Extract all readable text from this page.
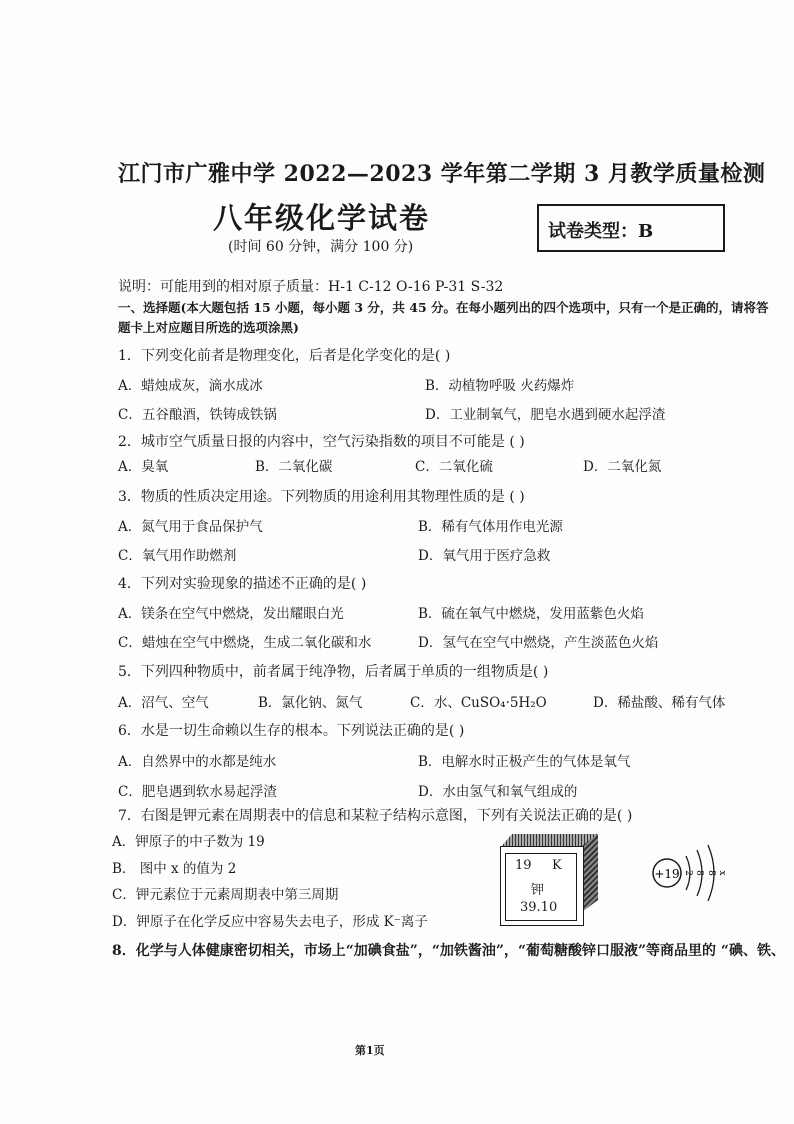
江门市广雅中学 2022—2023 学年第二学期 3 月教学质量检测
八年级化学试卷
(时间 60 分钟，满分 100 分)
试卷类型：B
说明：可能用到的相对原子质量：H-1 C-12 O-16 P-31 S-32
一、选择题(本大题包括 15 小题，每小题 3 分，共 45 分。在每小题列出的四个选项中，只有一个是正确的，请将答题卡上对应题目所选的选项涂黑)
1．下列变化前者是物理变化，后者是化学变化的是( )
A．蜡烛成灰，滴水成冰	B．动植物呼吸 火药爆炸
C．五谷酿酒，铁铸成铁锅	D．工业制氧气，肥皂水遇到硬水起浮渣
2．城市空气质量日报的内容中，空气污染指数的项目不可能是 ( )
A．臭氧	B．二氧化碳	C．二氧化硫	D．二氧化氮
3．物质的性质决定用途。下列物质的用途利用其物理性质的是 ( )
A．氮气用于食品保护气	B．稀有气体用作电光源
C．氧气用作助燃剂	D．氧气用于医疗急救
4．下列对实验现象的描述不正确的是( )
A．镁条在空气中燃烧，发出耀眼白光	B．硫在氧气中燃烧，发用蓝紫色火焰
C．蜡烛在空气中燃烧，生成二氧化碳和水	D．氢气在空气中燃烧，产生淡蓝色火焰
5．下列四种物质中，前者属于纯净物，后者属于单质的一组物质是( )
A．沼气、空气	B．氯化钠、氮气	C．水、CuSO₄·5H₂O	D．稀盐酸、稀有气体
6．水是一切生命赖以生存的根本。下列说法正确的是( )
A．自然界中的水都是纯水	B．电解水时正极产生的气体是氧气
C．肥皂遇到软水易起浮渣	D．水由氢气和氧气组成的
7．右图是钾元素在周期表中的信息和某粒子结构示意图，下列有关说法正确的是( )
A．钾原子的中子数为 19
B． 图中 x 的值为 2
C．钾元素位于元素周期表中第三周期
D．钾原子在化学反应中容易失去电子，形成 K⁻离子
19 K
钾
39.10
+19 2 8 8 x
8．化学与人体健康密切相关，市场上“加碘食盐”，“加铁酱油”，“葡萄糖酸锌口服液”等商品里的 “碘、铁、
第1页
